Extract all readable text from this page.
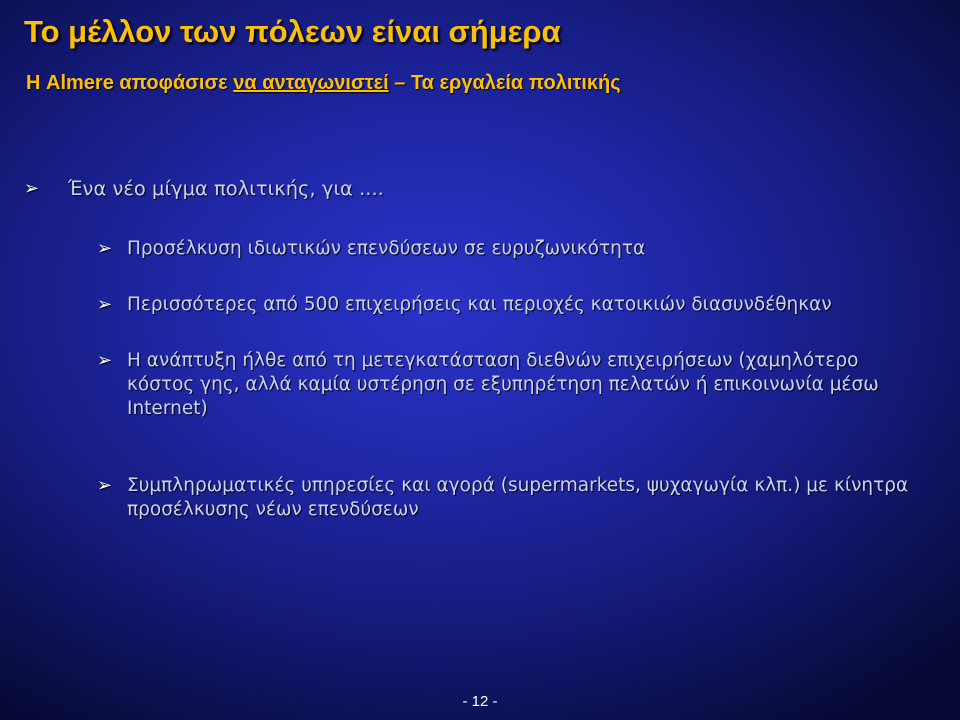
Το μέλλον των πόλεων είναι σήμερα
Η Almere αποφάσισε να ανταγωνιστεί – Τα εργαλεία πολιτικής
➢	Ένα νέο μίγμα πολιτικής, για ....
➢ Προσέλκυση ιδιωτικών επενδύσεων σε ευρυζωνικότητα
➢ Περισσότερες από 500 επιχειρήσεις και περιοχές κατοικιών διασυνδέθηκαν
➢ Η ανάπτυξη ήλθε από τη μετεγκατάσταση διεθνών επιχειρήσεων (χαμηλότερο κόστος γης, αλλά καμία υστέρηση σε εξυπηρέτηση πελατών ή επικοινωνία μέσω Internet)
➢ Συμπληρωματικές υπηρεσίες και αγορά (supermarkets, ψυχαγωγία κλπ.) με κίνητρα προσέλκυσης νέων επενδύσεων
- 12 -
